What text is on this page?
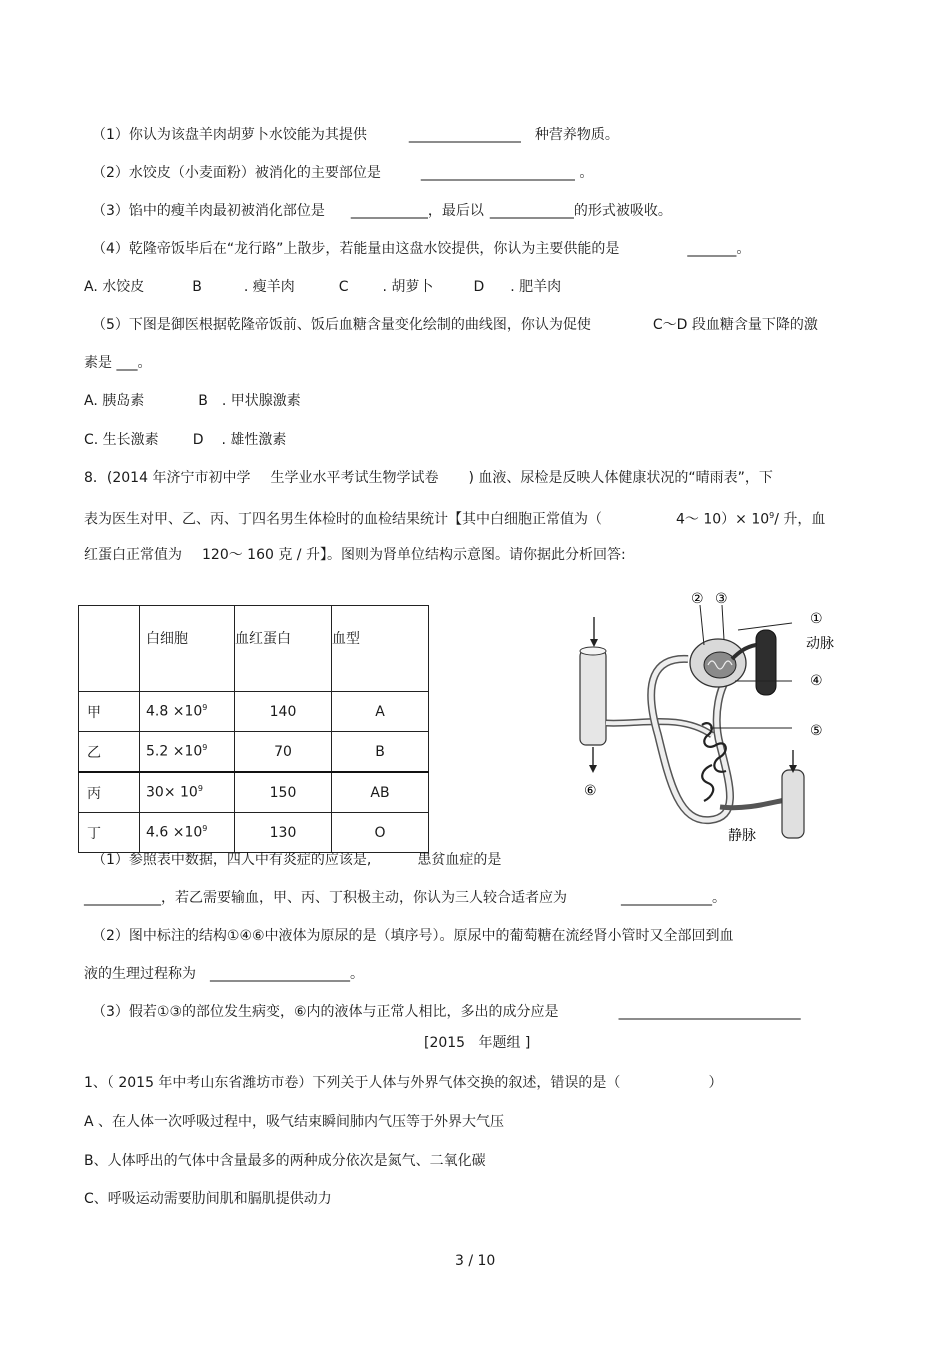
（1）你认为该盘羊肉胡萝卜水饺能为其提供	________________ 种营养物质。
（2）水饺皮（小麦面粉）被消化的主要部位是	______________________ 。
（3）馅中的瘦羊肉最初被消化部位是 ___________，最后以 ____________的形式被吸收。
（4）乾隆帝饭毕后在“龙行路”上散步，若能量由这盘水饺提供，你认为主要供能的是	_______。
A. 水饺皮	B	. 瘦羊肉	C . 胡萝卜	D . 肥羊肉
（5）下图是御医根据乾隆帝饭前、饭后血糖含量变化绘制的曲线图，你认为促使	C～D 段血糖含量下降的激
素是 ___。
A. 胰岛素	B . 甲状腺激素
C. 生长激素 D . 雄性激素
8．(2014 年济宁市初中学 生学业水平考试生物学试卷 ) 血液、尿检是反映人体健康状况的“晴雨表”，下
表为医生对甲、乙、丙、丁四名男生体检时的血检结果统计【其中白细胞正常值为（	4～ $10)\times 10^9/$ 升，血
红蛋白正常值为 120～ 160 克 / 升】。图则为肾单位结构示意图。请你据此分析回答:
	白细胞	血红蛋白	血型
甲	$4.8 \times 10^9$	140	A
乙	$5.2 \times 10^9$	70	B
丙	$30\times 10^9$	150	AB
丁	$4.6 \times 10^9$	130	O
② ③
①
动脉
④
⑤
⑥
静脉
（1）参照表中数据，四人中有炎症的应该是,	患贫血症的是
___________，若乙需要输血，甲、丙、丁积极主动，你认为三人较合适者应为	_____________。
（2）图中标注的结构①④⑥中液体为原尿的是（填序号）。原尿中的葡萄糖在流经肾小管时又全部回到血
液的生理过程称为 ____________________。
（3）假若①③的部位发生病变，⑥内的液体与正常人相比，多出的成分应是	__________________________
[2015   年题组 ]
1、（ 2015 年中考山东省潍坊市卷）下列关于人体与外界气体交换的叙述，错误的是（	）
A 、在人体一次呼吸过程中，吸气结束瞬间肺内气压等于外界大气压
B、人体呼出的气体中含量最多的两种成分依次是氮气、二氧化碳
C、呼吸运动需要肋间肌和膈肌提供动力
3 / 10
